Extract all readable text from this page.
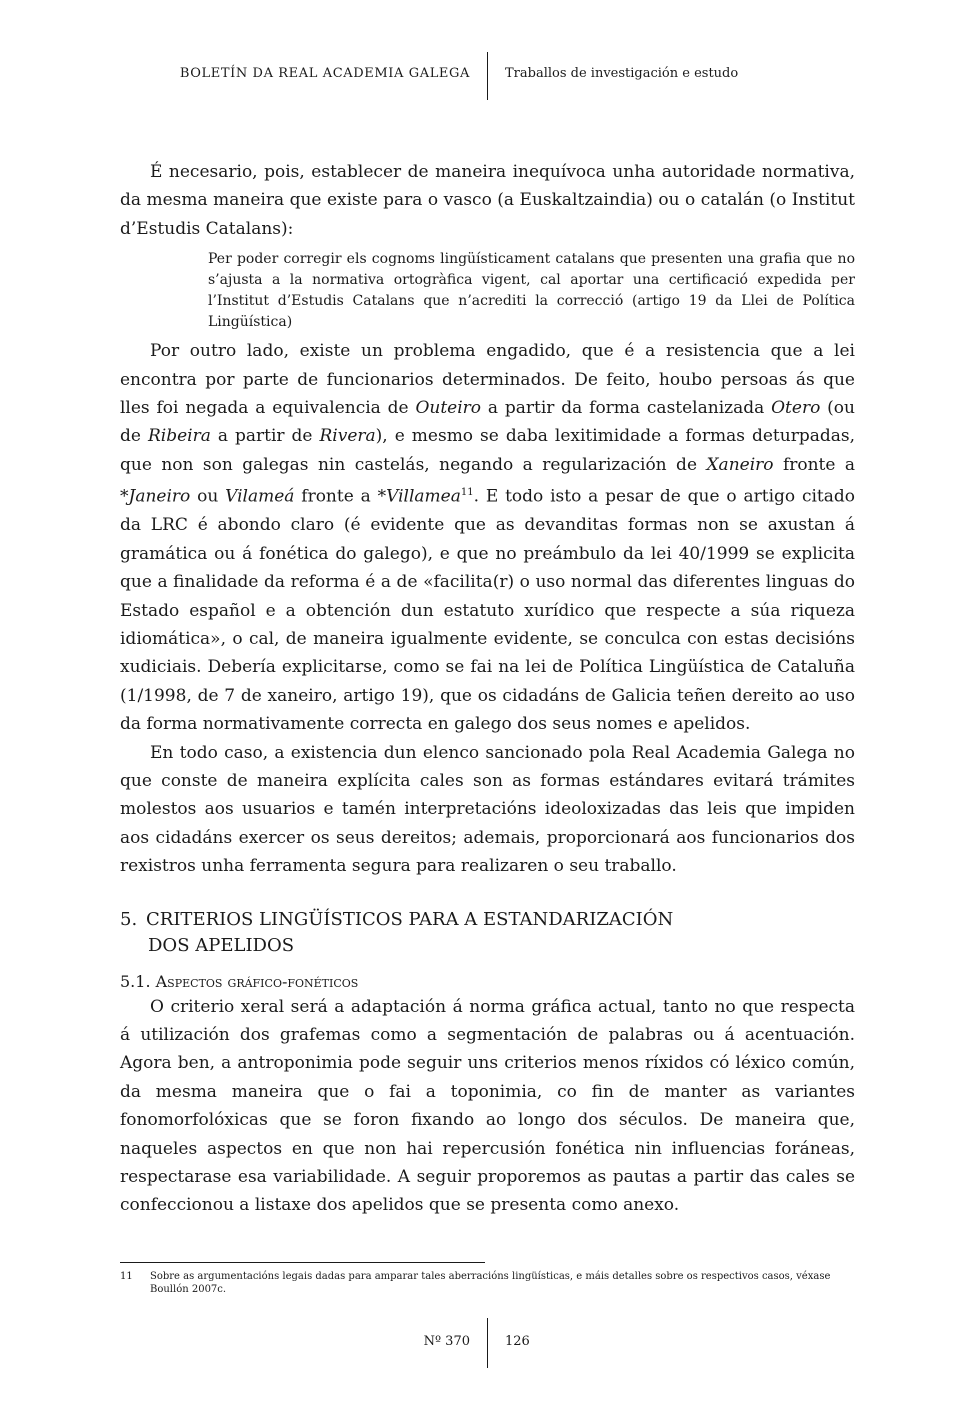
BOLETÍN DA REAL ACADEMIA GALEGA	Traballos de investigación e estudo

É necesario, pois, establecer de maneira inequívoca unha autoridade normativa, da mesma maneira que existe para o vasco (a Euskaltzaindia) ou o catalán (o Institut d’Estudis Catalans):

Per poder corregir els cognoms lingüísticament catalans que presenten una grafia que no s’ajusta a la normativa ortogràfica vigent, cal aportar una certificació expedida per l’Institut d’Estudis Catalans que n’acrediti la correcció (artigo 19 da Llei de Política Lingüística)

Por outro lado, existe un problema engadido, que é a resistencia que a lei encontra por parte de funcionarios determinados. De feito, houbo persoas ás que lles foi negada a equivalencia de Outeiro a partir da forma castelanizada Otero (ou de Ribeira a partir de Rivera), e mesmo se daba lexitimidade a formas deturpadas, que non son galegas nin castelás, negando a regularización de Xaneiro fronte a *Janeiro ou Vilameá fronte a *Villamea$^{11}$. E todo isto a pesar de que o artigo citado da LRC é abondo claro (é evidente que as devanditas formas non se axustan á gramática ou á fonética do galego), e que no preámbulo da lei 40/1999 se explicita que a finalidade da reforma é a de «facilita(r) o uso normal das diferentes linguas do Estado español e a obtención dun estatuto xurídico que respecte a súa riqueza idiomática», o cal, de maneira igualmente evidente, se conculca con estas decisións xudiciais. Debería explicitarse, como se fai na lei de Política Lingüística de Cataluña (1/1998, de 7 de xaneiro, artigo 19), que os cidadáns de Galicia teñen dereito ao uso da forma normativamente correcta en galego dos seus nomes e apelidos.

En todo caso, a existencia dun elenco sancionado pola Real Academia Galega no que conste de maneira explícita cales son as formas estándares evitará trámites molestos aos usuarios e tamén interpretacións ideoloxizadas das leis que impiden aos cidadáns exercer os seus dereitos; ademais, proporcionará aos funcionarios dos rexistros unha ferramenta segura para realizaren o seu traballo.

5. CRITERIOS LINGÜÍSTICOS PARA A ESTANDARIZACIÓN
DOS APELIDOS
5.1. Aspectos gráfico-fonéticos

O criterio xeral será a adaptación á norma gráfica actual, tanto no que respecta á utilización dos grafemas como a segmentación de palabras ou á acentuación. Agora ben, a antroponimia pode seguir uns criterios menos ríxidos có léxico común, da mesma maneira que o fai a toponimia, co fin de manter as variantes fonomorfolóxicas que se foron fixando ao longo dos séculos. De maneira que, naqueles aspectos en que non hai repercusión fonética nin influencias foráneas, respectarase esa variabilidade. A seguir proporemos as pautas a partir das cales se confeccionou a listaxe dos apelidos que se presenta como anexo.

11 Sobre as argumentacións legais dadas para amparar tales aberracións lingüísticas, e máis detalles sobre os respectivos casos, véxase Boullón 2007c.
Nº 370	126
